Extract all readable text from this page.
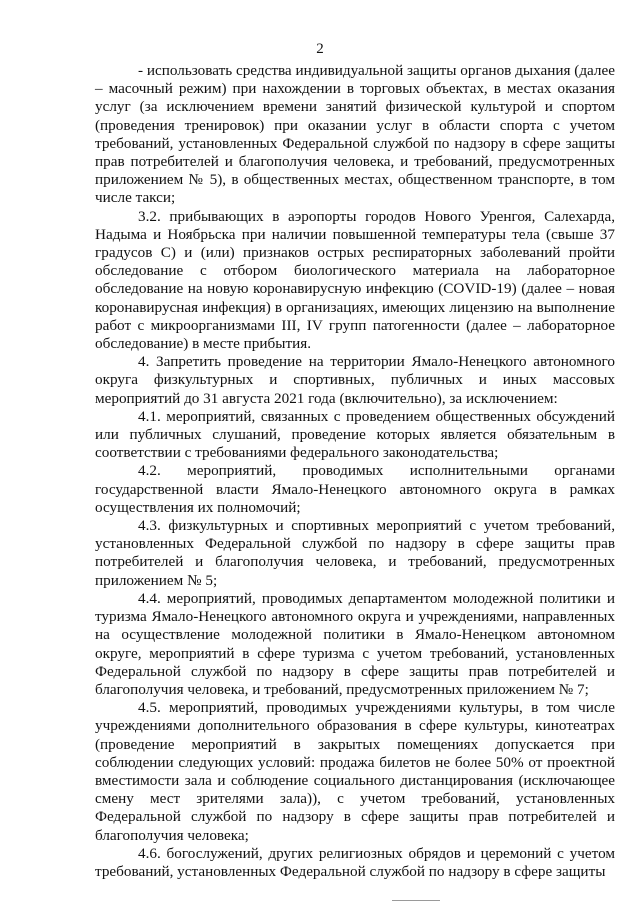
2

- использовать средства индивидуальной защиты органов дыхания (далее – масочный режим) при нахождении в торговых объектах, в местах оказания услуг (за исключением времени занятий физической культурой и спортом (проведения тренировок) при оказании услуг в области спорта с учетом требований, установленных Федеральной службой по надзору в сфере защиты прав потребителей и благополучия человека, и требований, предусмотренных приложением № 5), в общественных местах, общественном транспорте, в том числе такси;

3.2. прибывающих в аэропорты городов Нового Уренгоя, Салехарда, Надыма и Ноябрьска при наличии повышенной температуры тела (свыше 37 градусов С) и (или) признаков острых респираторных заболеваний пройти обследование с отбором биологического материала на лабораторное обследование на новую коронавирусную инфекцию (COVID-19) (далее – новая коронавирусная инфекция) в организациях, имеющих лицензию на выполнение работ с микроорганизмами III, IV групп патогенности (далее – лабораторное обследование) в месте прибытия.

4. Запретить проведение на территории Ямало-Ненецкого автономного округа физкультурных и спортивных, публичных и иных массовых мероприятий до 31 августа 2021 года (включительно), за исключением:

4.1. мероприятий, связанных с проведением общественных обсуждений или публичных слушаний, проведение которых является обязательным в соответствии с требованиями федерального законодательства;

4.2. мероприятий, проводимых исполнительными органами государственной власти Ямало-Ненецкого автономного округа в рамках осуществления их полномочий;

4.3. физкультурных и спортивных мероприятий с учетом требований, установленных Федеральной службой по надзору в сфере защиты прав потребителей и благополучия человека, и требований, предусмотренных приложением № 5;

4.4. мероприятий, проводимых департаментом молодежной политики и туризма Ямало-Ненецкого автономного округа и учреждениями, направленных на осуществление молодежной политики в Ямало-Ненецком автономном округе, мероприятий в сфере туризма с учетом требований, установленных Федеральной службой по надзору в сфере защиты прав потребителей и благополучия человека, и требований, предусмотренных приложением № 7;

4.5. мероприятий, проводимых учреждениями культуры, в том числе учреждениями дополнительного образования в сфере культуры, кинотеатрах (проведение мероприятий в закрытых помещениях допускается при соблюдении следующих условий: продажа билетов не более 50% от проектной вместимости зала и соблюдение социального дистанцирования (исключающее смену мест зрителями зала)), с учетом требований, установленных Федеральной службой по надзору в сфере защиты прав потребителей и благополучия человека;

4.6. богослужений, других религиозных обрядов и церемоний с учетом требований, установленных Федеральной службой по надзору в сфере защиты
